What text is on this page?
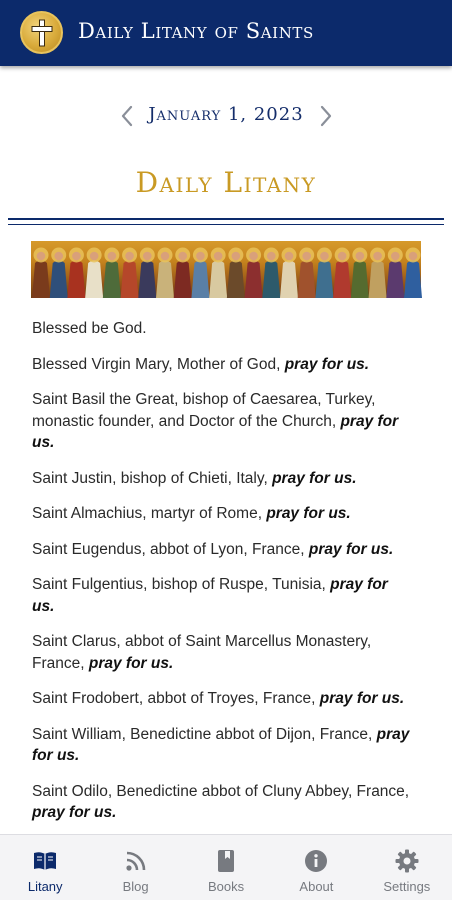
Daily Litany of Saints
January 1, 2023
Daily Litany
Blessed be God.
Blessed Virgin Mary, Mother of God, pray for us.
Saint Basil the Great, bishop of Caesarea, Turkey, monastic founder, and Doctor of the Church, pray for us.
Saint Justin, bishop of Chieti, Italy, pray for us.
Saint Almachius, martyr of Rome, pray for us.
Saint Eugendus, abbot of Lyon, France, pray for us.
Saint Fulgentius, bishop of Ruspe, Tunisia, pray for us.
Saint Clarus, abbot of Saint Marcellus Monastery, France, pray for us.
Saint Frodobert, abbot of Troyes, France, pray for us.
Saint William, Benedictine abbot of Dijon, France, pray for us.
Saint Odilo, Benedictine abbot of Cluny Abbey, France, pray for us.
Litany	Blog	Books	About	Settings
